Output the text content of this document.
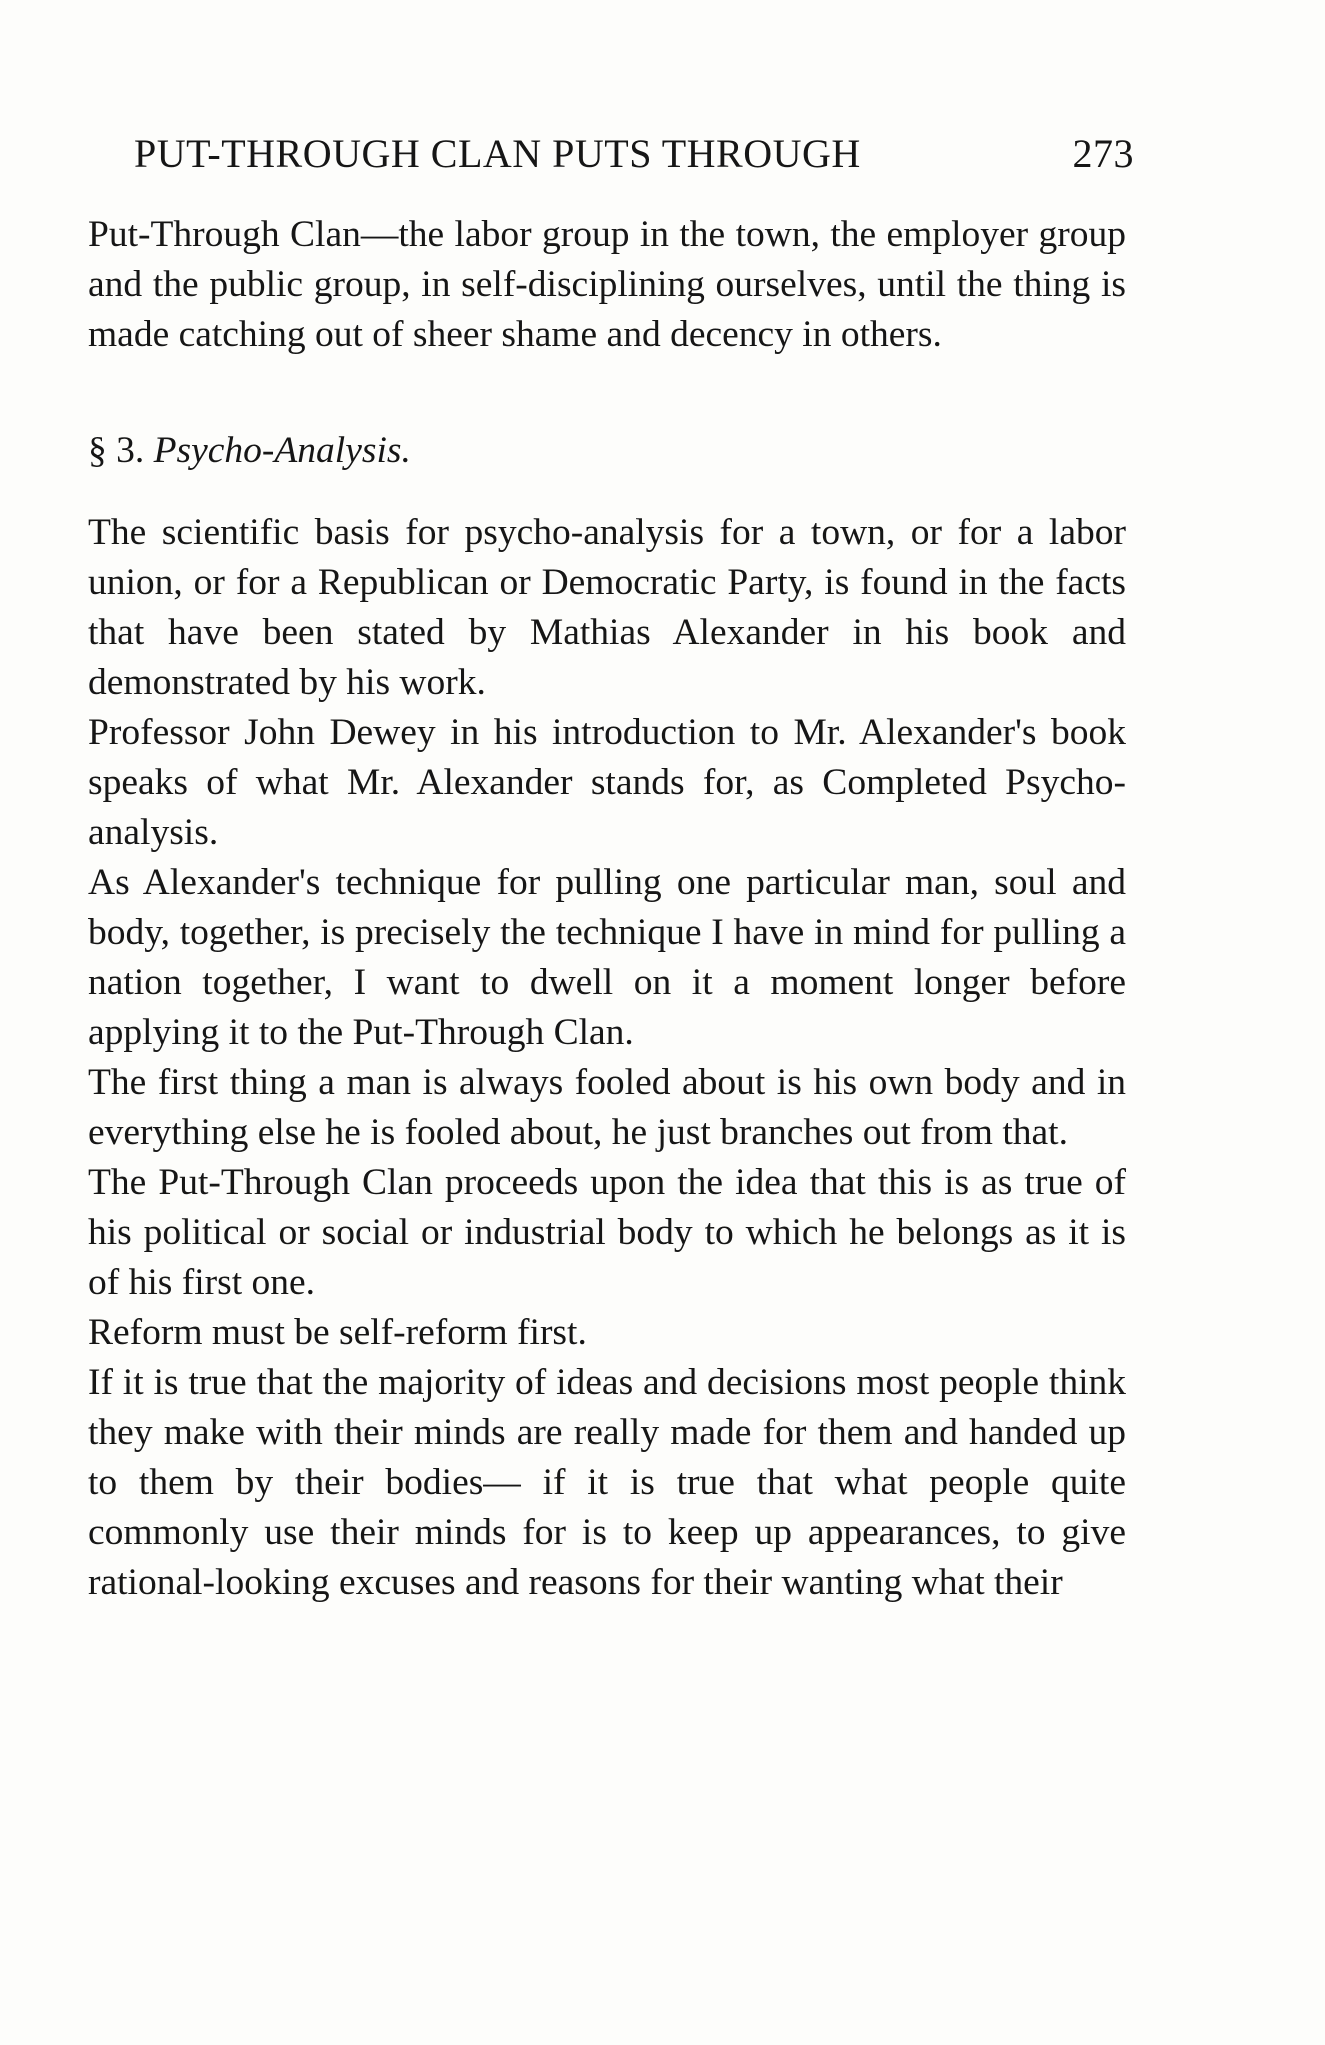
PUT-THROUGH CLAN PUTS THROUGH	273

Put-Through Clan—the labor group in the town, the employer group and the public group, in self-disciplining ourselves, until the thing is made catching out of sheer shame and decency in others.

§ 3. Psycho-Analysis.

The scientific basis for psycho-analysis for a town, or for a labor union, or for a Republican or Democratic Party, is found in the facts that have been stated by Mathias Alexander in his book and demonstrated by his work.

Professor John Dewey in his introduction to Mr. Alexander's book speaks of what Mr. Alexander stands for, as Completed Psycho-analysis.

As Alexander's technique for pulling one particular man, soul and body, together, is precisely the technique I have in mind for pulling a nation together, I want to dwell on it a moment longer before applying it to the Put-Through Clan.

The first thing a man is always fooled about is his own body and in everything else he is fooled about, he just branches out from that.

The Put-Through Clan proceeds upon the idea that this is as true of his political or social or industrial body to which he belongs as it is of his first one.

Reform must be self-reform first.

If it is true that the majority of ideas and decisions most people think they make with their minds are really made for them and handed up to them by their bodies— if it is true that what people quite commonly use their minds for is to keep up appearances, to give rational-looking excuses and reasons for their wanting what their
